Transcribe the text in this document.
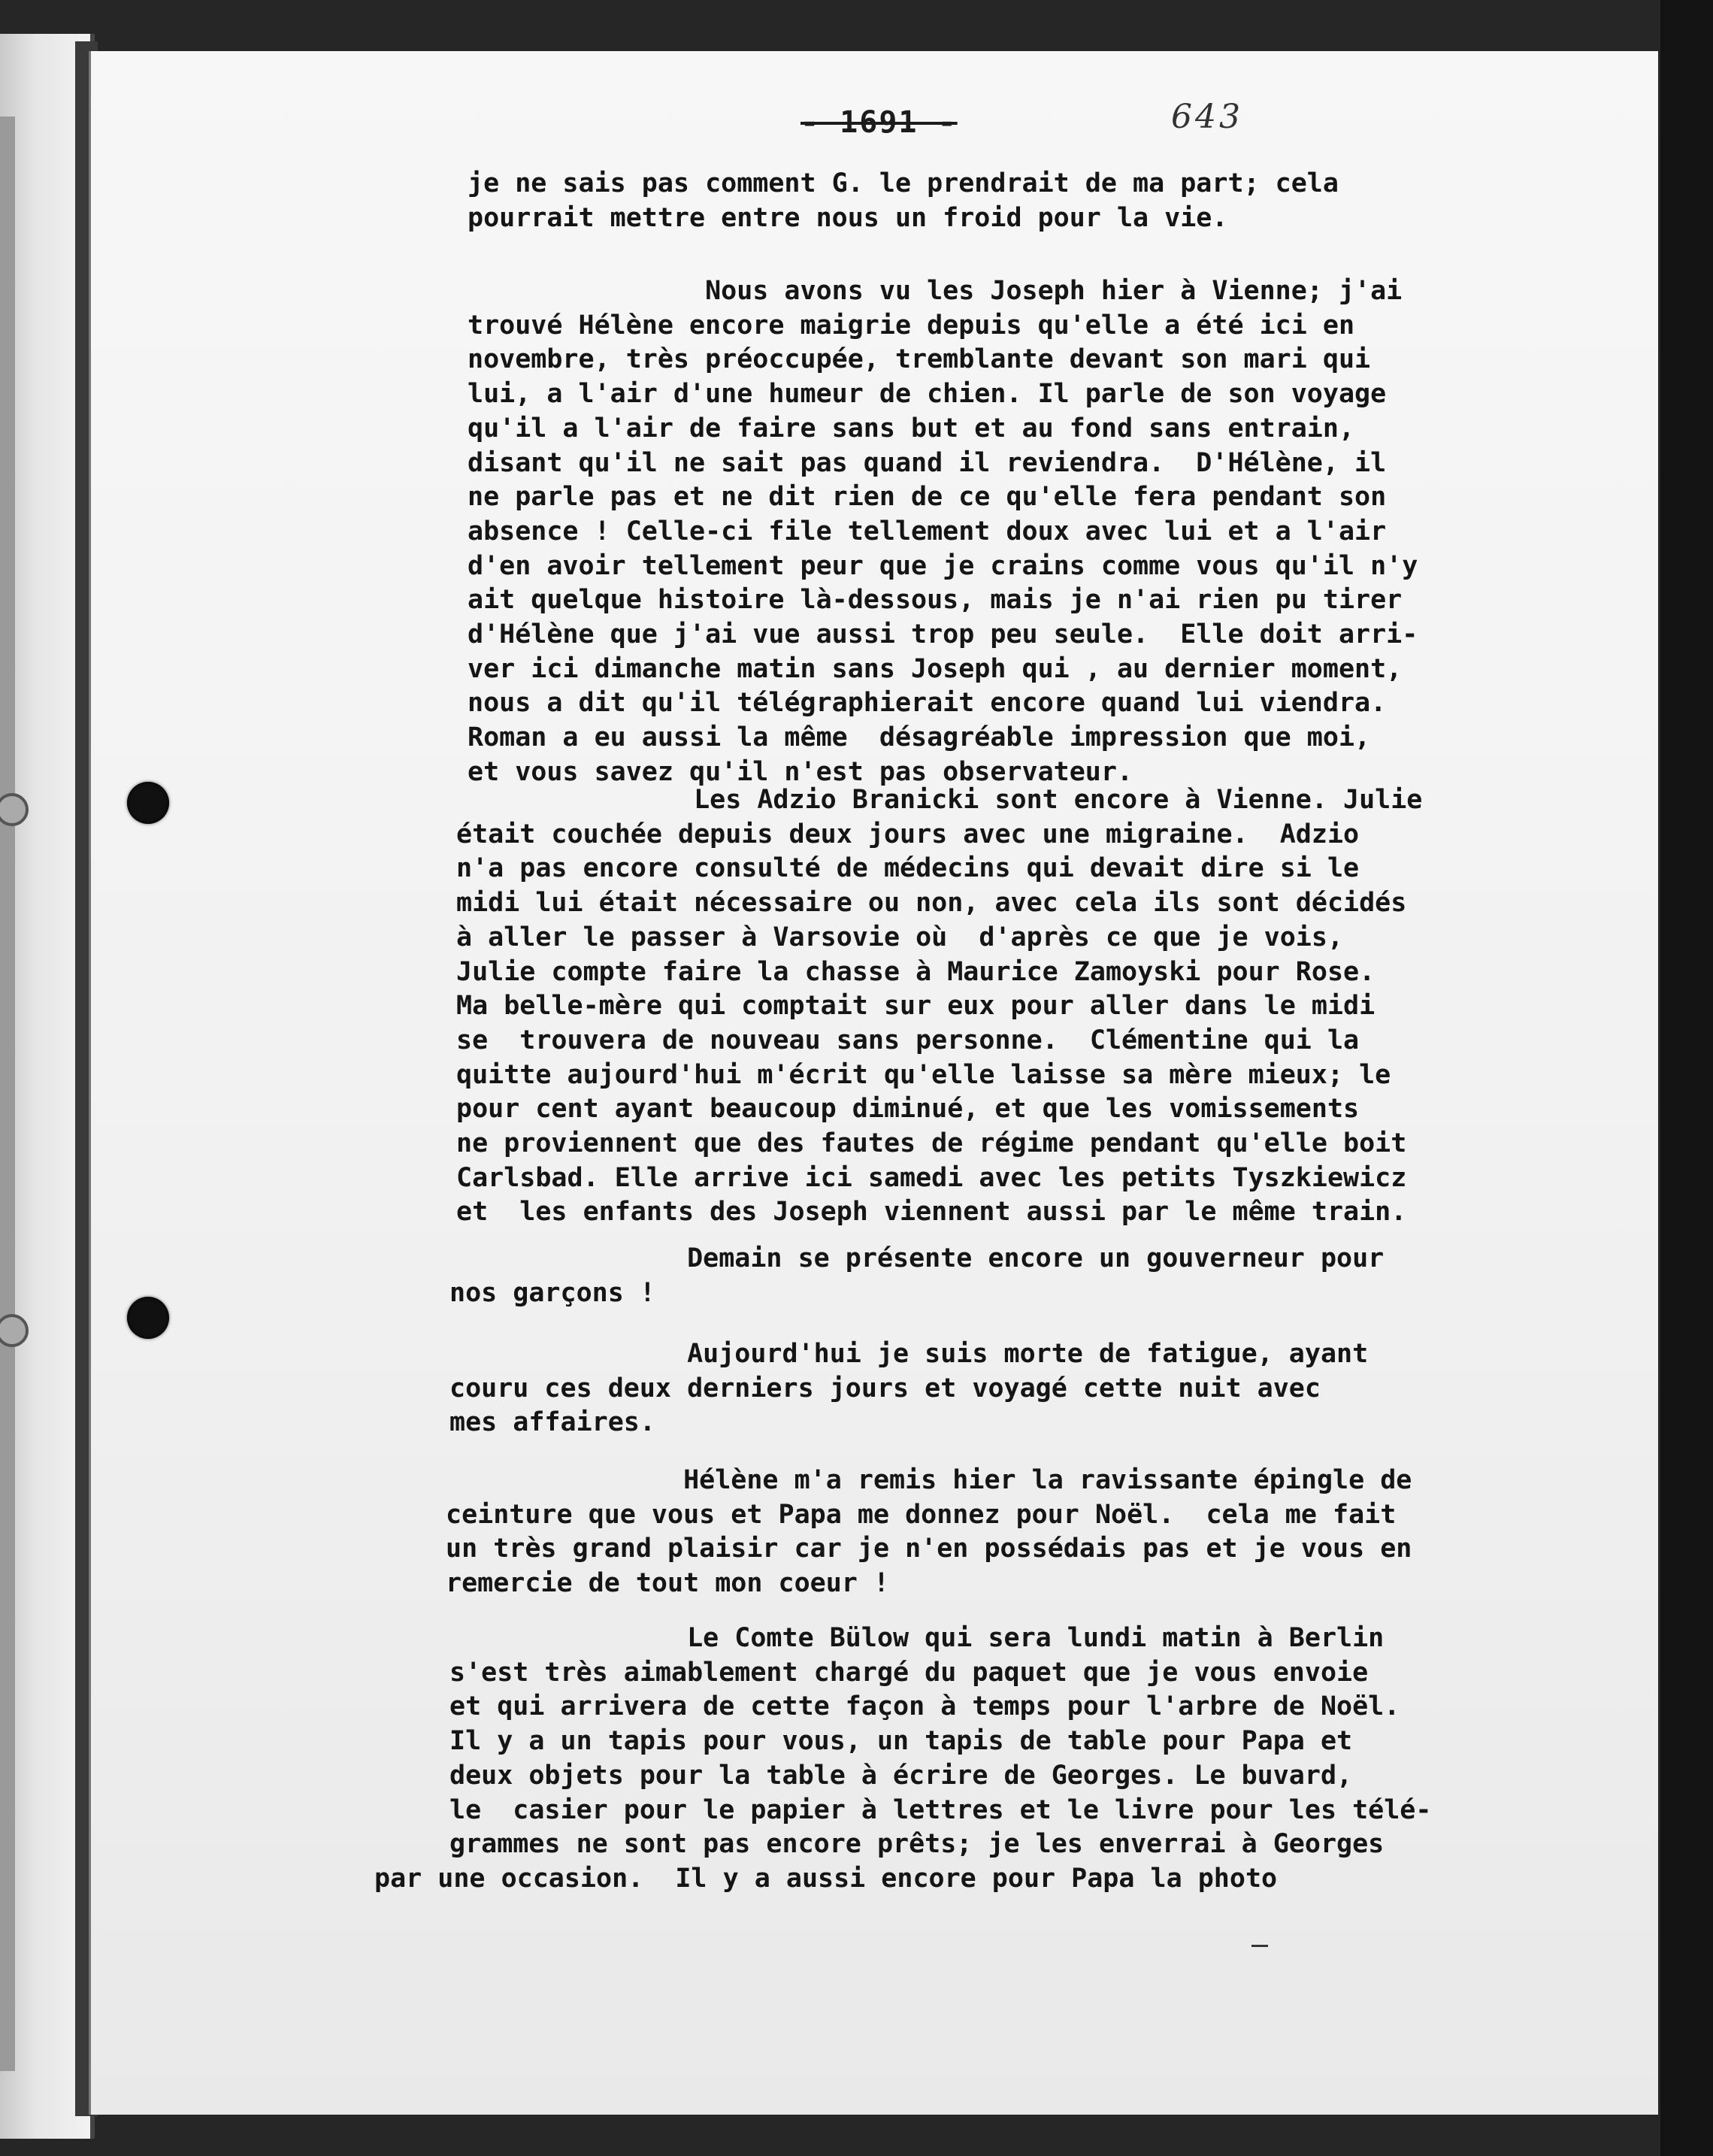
- 1691 -	643

je ne sais pas comment G. le prendrait de ma part; cela
pourrait mettre entre nous un froid pour la vie.
Nous avons vu les Joseph hier à Vienne; j'ai
trouvé Hélène encore maigrie depuis qu'elle a été ici en
novembre, très préoccupée, tremblante devant son mari qui
lui, a l'air d'une humeur de chien. Il parle de son voyage
qu'il a l'air de faire sans but et au fond sans entrain,
disant qu'il ne sait pas quand il reviendra.  D'Hélène, il
ne parle pas et ne dit rien de ce qu'elle fera pendant son
absence ! Celle-ci file tellement doux avec lui et a l'air
d'en avoir tellement peur que je crains comme vous qu'il n'y
ait quelque histoire là-dessous, mais je n'ai rien pu tirer
d'Hélène que j'ai vue aussi trop peu seule.  Elle doit arri-
ver ici dimanche matin sans Joseph qui , au dernier moment,
nous a dit qu'il télégraphierait encore quand lui viendra.
Roman a eu aussi la même  désagréable impression que moi,
et vous savez qu'il n'est pas observateur.
Les Adzio Branicki sont encore à Vienne. Julie
était couchée depuis deux jours avec une migraine.  Adzio
n'a pas encore consulté de médecins qui devait dire si le
midi lui était nécessaire ou non, avec cela ils sont décidés
à aller le passer à Varsovie où  d'après ce que je vois,
Julie compte faire la chasse à Maurice Zamoyski pour Rose.
Ma belle-mère qui comptait sur eux pour aller dans le midi
se  trouvera de nouveau sans personne.  Clémentine qui la
quitte aujourd'hui m'écrit qu'elle laisse sa mère mieux; le
pour cent ayant beaucoup diminué, et que les vomissements
ne proviennent que des fautes de régime pendant qu'elle boit
Carlsbad. Elle arrive ici samedi avec les petits Tyszkiewicz
et  les enfants des Joseph viennent aussi par le même train.
Demain se présente encore un gouverneur pour
nos garçons !
Aujourd'hui je suis morte de fatigue, ayant
couru ces deux derniers jours et voyagé cette nuit avec
mes affaires.
Hélène m'a remis hier la ravissante épingle de
ceinture que vous et Papa me donnez pour Noël.  cela me fait
un très grand plaisir car je n'en possédais pas et je vous en
remercie de tout mon coeur !
Le Comte Bülow qui sera lundi matin à Berlin
s'est très aimablement chargé du paquet que je vous envoie
et qui arrivera de cette façon à temps pour l'arbre de Noël.
Il y a un tapis pour vous, un tapis de table pour Papa et
deux objets pour la table à écrire de Georges. Le buvard,
le  casier pour le papier à lettres et le livre pour les télé-
grammes ne sont pas encore prêts; je les enverrai à Georges
par une occasion.  Il y a aussi encore pour Papa la photo
